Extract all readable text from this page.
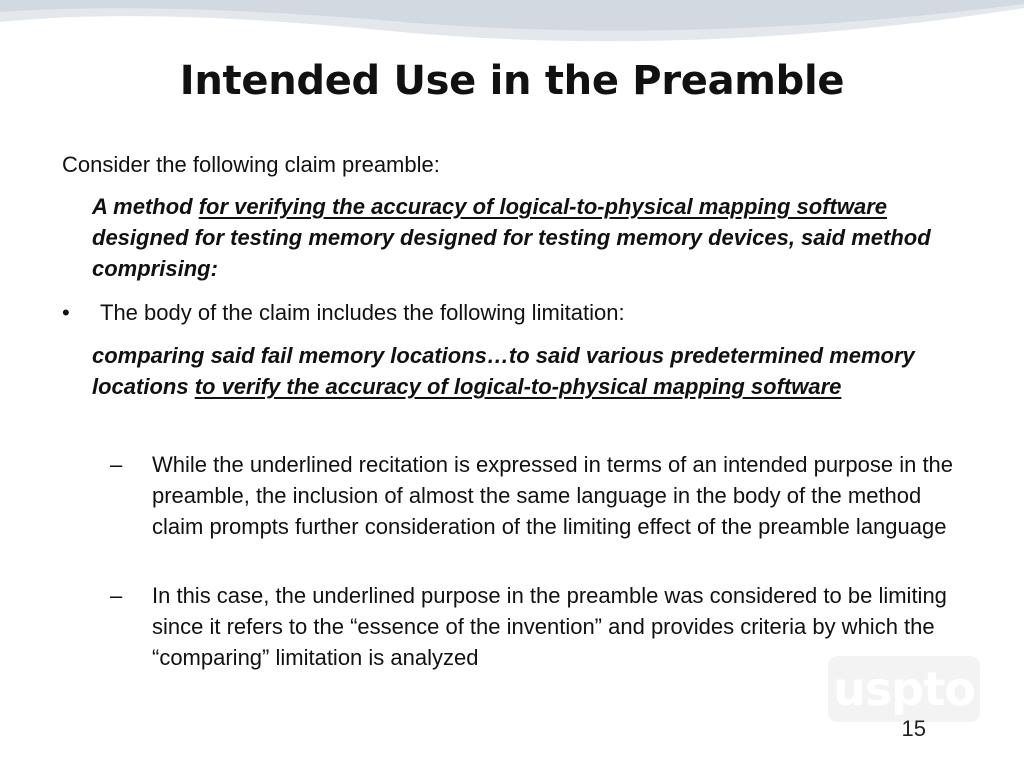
Intended Use in the Preamble

Consider the following claim preamble:

A method for verifying the accuracy of logical-to-physical mapping software designed for testing memory designed for testing memory devices, said method comprising:

• The body of the claim includes the following limitation:

comparing said fail memory locations…to said various predetermined memory locations to verify the accuracy of logical-to-physical mapping software

– While the underlined recitation is expressed in terms of an intended purpose in the preamble, the inclusion of almost the same language in the body of the method claim prompts further consideration of the limiting effect of the preamble language
– In this case, the underlined purpose in the preamble was considered to be limiting since it refers to the “essence of the invention” and provides criteria by which the “comparing” limitation is analyzed
uspto
15
